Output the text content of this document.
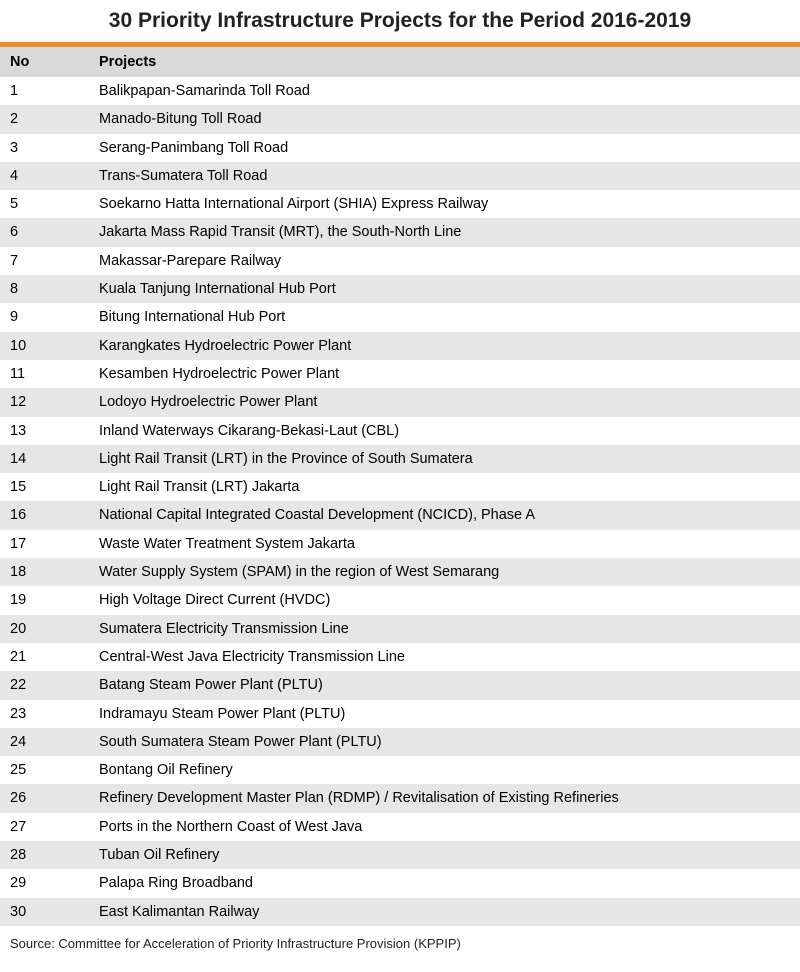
30 Priority Infrastructure Projects for the Period 2016-2019
No	Projects
1	Balikpapan-Samarinda Toll Road
2	Manado-Bitung Toll Road
3	Serang-Panimbang Toll Road
4	Trans-Sumatera Toll Road
5	Soekarno Hatta International Airport (SHIA) Express Railway
6	Jakarta Mass Rapid Transit (MRT), the South-North Line
7	Makassar-Parepare Railway
8	Kuala Tanjung International Hub Port
9	Bitung International Hub Port
10	Karangkates Hydroelectric Power Plant
11	Kesamben Hydroelectric Power Plant
12	Lodoyo Hydroelectric Power Plant
13	Inland Waterways Cikarang-Bekasi-Laut (CBL)
14	Light Rail Transit (LRT) in the Province of South Sumatera
15	Light Rail Transit (LRT) Jakarta
16	National Capital Integrated Coastal Development (NCICD), Phase A
17	Waste Water Treatment System Jakarta
18	Water Supply System (SPAM) in the region of West Semarang
19	High Voltage Direct Current (HVDC)
20	Sumatera Electricity Transmission Line
21	Central-West Java Electricity Transmission Line
22	Batang Steam Power Plant (PLTU)
23	Indramayu Steam Power Plant (PLTU)
24	South Sumatera Steam Power Plant (PLTU)
25	Bontang Oil Refinery
26	Refinery Development Master Plan (RDMP) / Revitalisation of Existing Refineries
27	Ports in the Northern Coast of West Java
28	Tuban Oil Refinery
29	Palapa Ring Broadband
30	East Kalimantan Railway
Source: Committee for Acceleration of Priority Infrastructure Provision (KPPIP)
